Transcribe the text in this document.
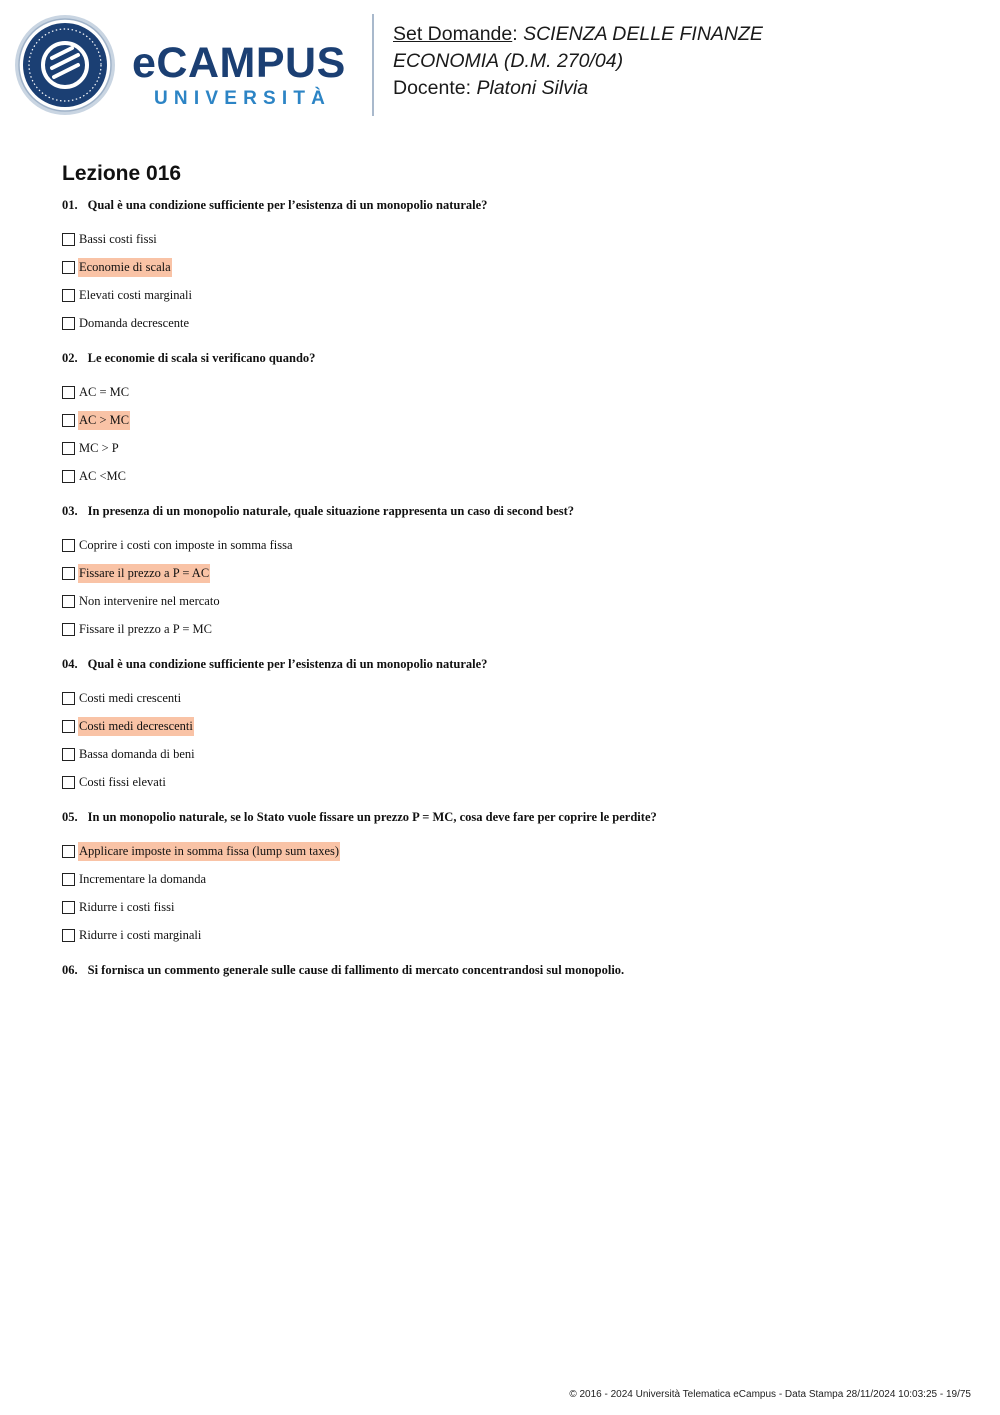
eCAMPUS
UNIVERSITÀ
Set Domande: SCIENZA DELLE FINANZE
ECONOMIA (D.M. 270/04)
Docente: Platoni Silvia
Lezione 016
01. Qual è una condizione sufficiente per l’esistenza di un monopolio naturale?
Bassi costi fissi
Economie di scala
Elevati costi marginali
Domanda decrescente
02. Le economie di scala si verificano quando?
AC = MC
AC > MC
MC > P
AC <MC
03. In presenza di un monopolio naturale, quale situazione rappresenta un caso di second best?
Coprire i costi con imposte in somma fissa
Fissare il prezzo a P = AC
Non intervenire nel mercato
Fissare il prezzo a P = MC
04. Qual è una condizione sufficiente per l’esistenza di un monopolio naturale?
Costi medi crescenti
Costi medi decrescenti
Bassa domanda di beni
Costi fissi elevati
05. In un monopolio naturale, se lo Stato vuole fissare un prezzo P = MC, cosa deve fare per coprire le perdite?
Applicare imposte in somma fissa (lump sum taxes)
Incrementare la domanda
Ridurre i costi fissi
Ridurre i costi marginali
06. Si fornisca un commento generale sulle cause di fallimento di mercato concentrandosi sul monopolio.
© 2016 - 2024 Università Telematica eCampus - Data Stampa 28/11/2024 10:03:25 - 19/75
